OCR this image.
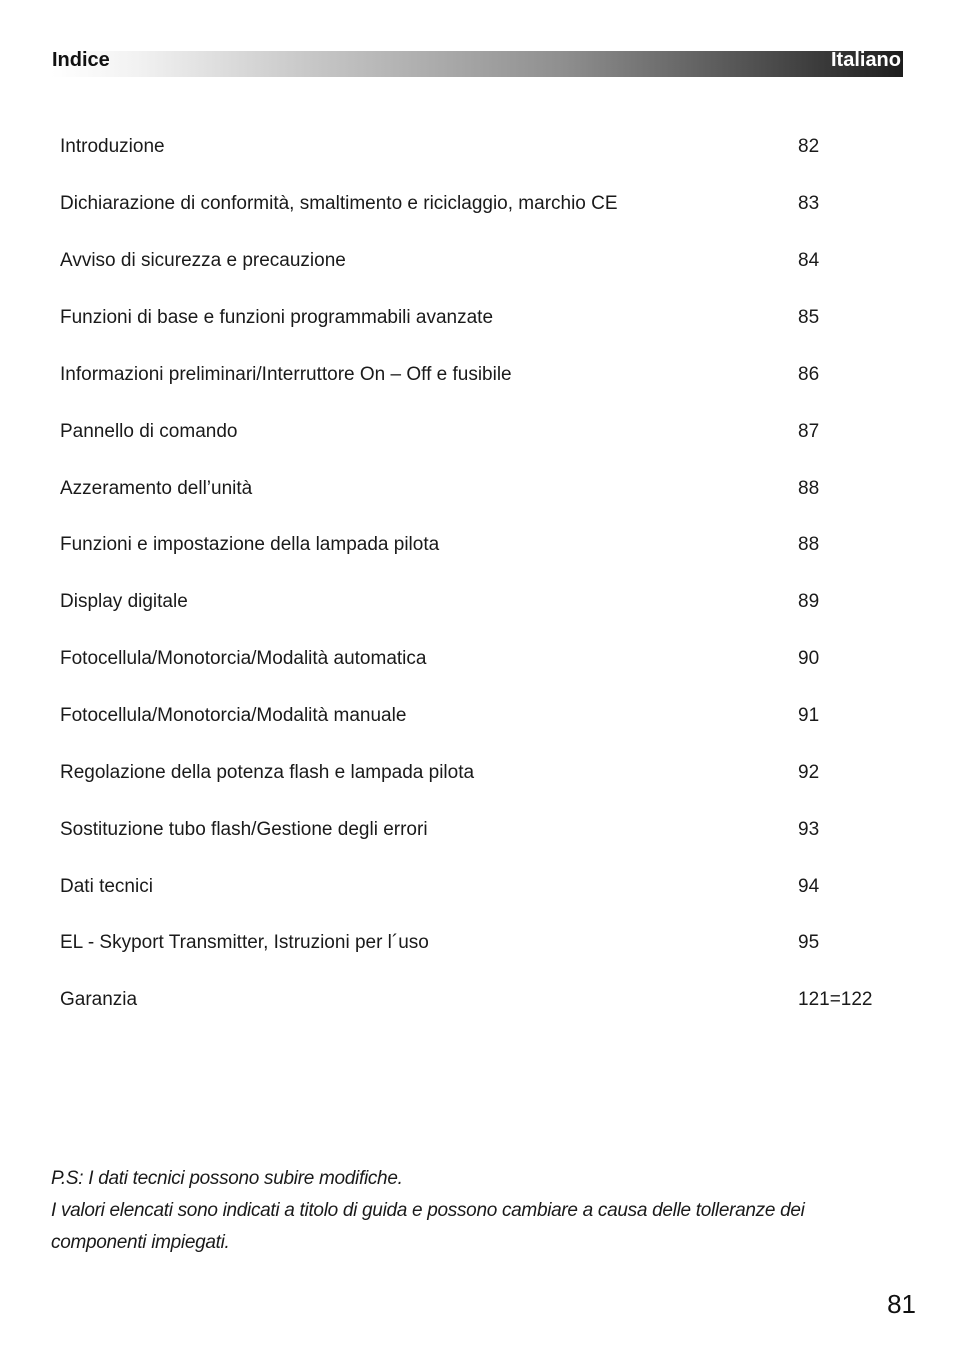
Indice	Italiano
Introduzione	82
Dichiarazione di conformità, smaltimento e riciclaggio, marchio CE	83
Avviso di sicurezza e precauzione	84
Funzioni di base e funzioni programmabili avanzate	85
Informazioni preliminari/Interruttore On – Off e fusibile	86
Pannello di comando	87
Azzeramento dell’unità	88
Funzioni e impostazione della lampada pilota	88
Display digitale	89
Fotocellula/Monotorcia/Modalità automatica	90
Fotocellula/Monotorcia/Modalità manuale	91
Regolazione della potenza flash e lampada pilota	92
Sostituzione tubo flash/Gestione degli errori	93
Dati tecnici	94
EL - Skyport Transmitter, Istruzioni per l´uso	95
Garanzia	121=122

P.S: I dati tecnici possono subire modifiche.

I valori elencati sono indicati a titolo di guida e possono cambiare a causa delle tolleranze dei componenti impiegati.

81
